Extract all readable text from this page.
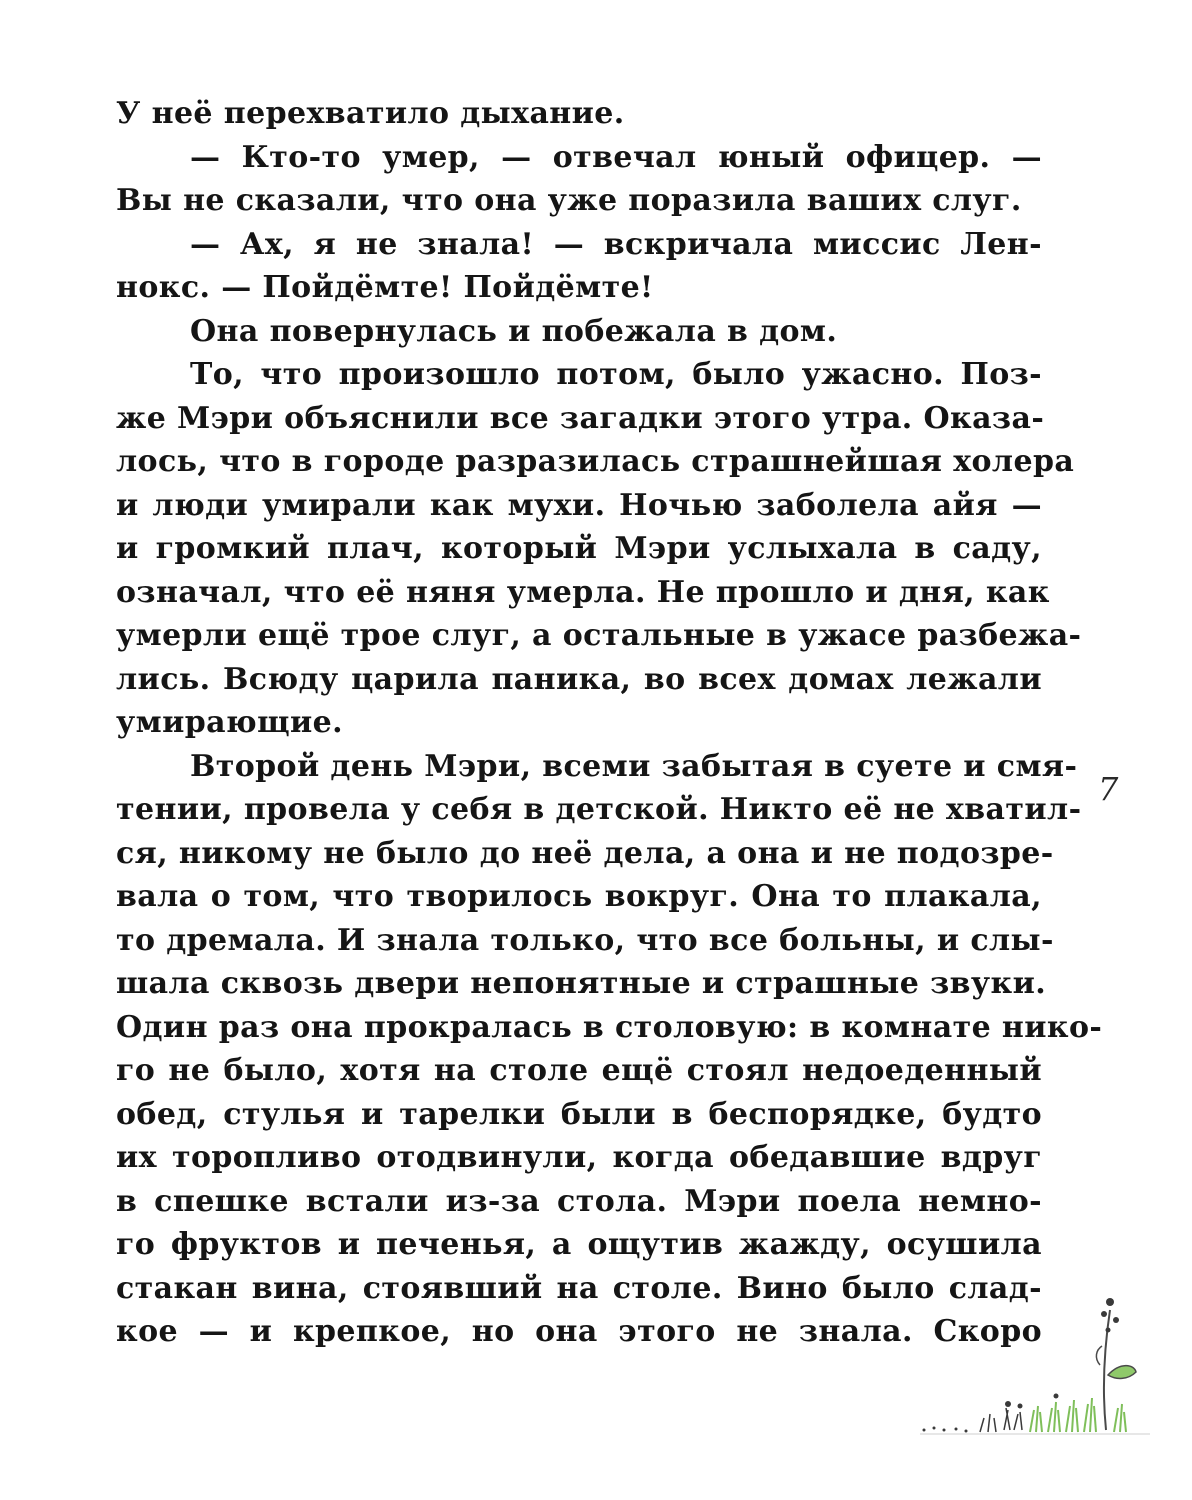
У неё перехватило дыхание.
— Кто-то умер, — отвечал юный офицер. —
Вы не сказали, что она уже поразила ваших слуг.
— Ах, я не знала! — вскричала миссис Лен-
нокс. — Пойдёмте! Пойдёмте!
Она повернулась и побежала в дом.
То, что произошло потом, было ужасно. Поз-
же Мэри объяснили все загадки этого утра. Оказа-
лось, что в городе разразилась страшнейшая холера
и люди умирали как мухи. Ночью заболела айя —
и громкий плач, который Мэри услыхала в саду,
означал, что её няня умерла. Не прошло и дня, как
умерли ещё трое слуг, а остальные в ужасе разбежа-
лись. Всюду царила паника, во всех домах лежали
умирающие.
Второй день Мэри, всеми забытая в суете и смя-
тении, провела у себя в детской. Никто её не хватил-
ся, никому не было до неё дела, а она и не подозре-
вала о том, что творилось вокруг. Она то плакала,
то дремала. И знала только, что все больны, и слы-
шала сквозь двери непонятные и страшные звуки.
Один раз она прокралась в столовую: в комнате нико-
го не было, хотя на столе ещё стоял недоеденный
обед, стулья и тарелки были в беспорядке, будто
их торопливо отодвинули, когда обедавшие вдруг
в спешке встали из-за стола. Мэри поела немно-
го фруктов и печенья, а ощутив жажду, осушила
стакан вина, стоявший на столе. Вино было слад-
кое — и крепкое, но она этого не знала. Скоро
7
